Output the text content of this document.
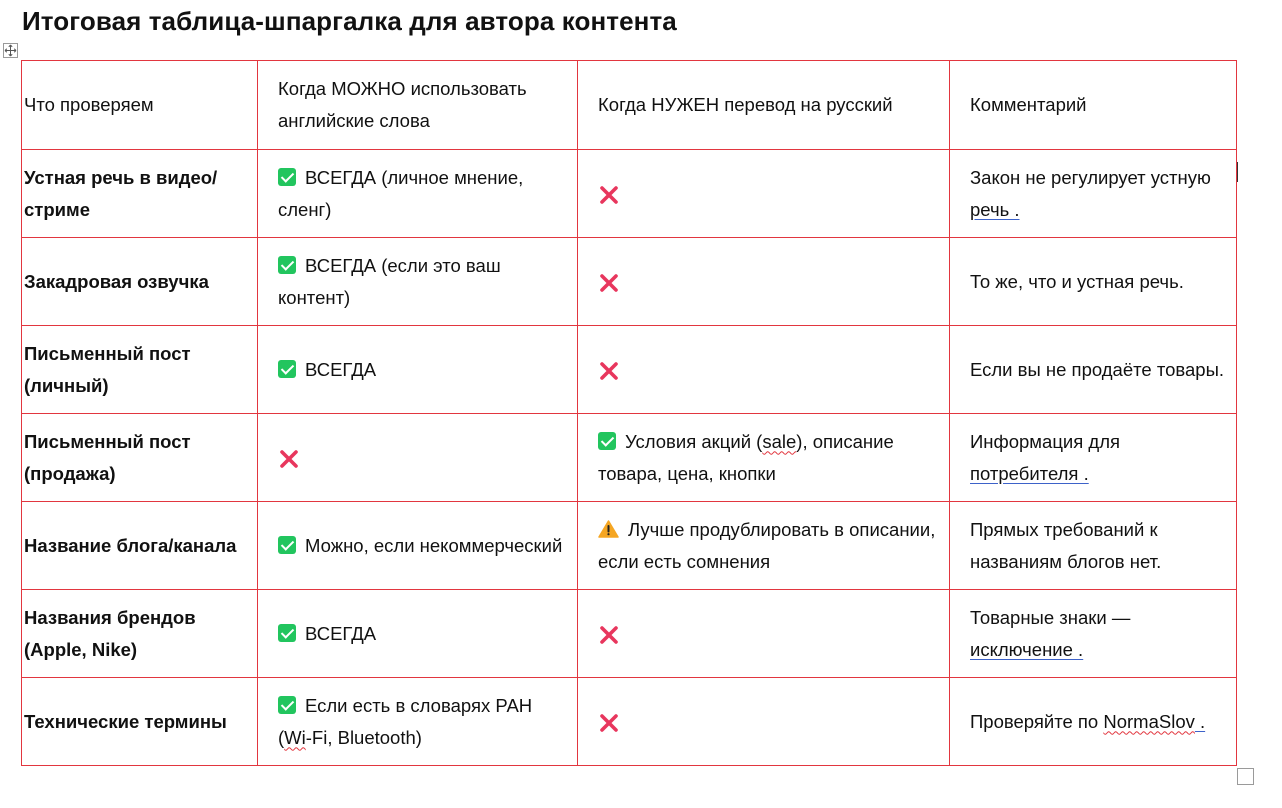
Итоговая таблица-шпаргалка для автора контента
Что проверяем	Когда МОЖНО использовать английские слова	Когда НУЖЕН перевод на русский	Комментарий
Устная речь в видео/стриме	ВСЕГДА (личное мнение, сленг)		Закон не регулирует устную речь .
Закадровая озвучка	ВСЕГДА (если это ваш контент)		То же, что и устная речь.
Письменный пост (личный)	ВСЕГДА		Если вы не продаёте товары.
Письменный пост (продажа)		Условия акций (sale), описание товара, цена, кнопки	Информация для потребителя .
Название блога/канала	Можно, если некоммерческий	Лучше продублировать в описании, если есть сомнения	Прямых требований к названиям блогов нет.
Названия брендов (Apple, Nike)	ВСЕГДА		Товарные знаки — исключение .
Технические термины	Если есть в словарях РАН (Wi-Fi, Bluetooth)		Проверяйте по NormaSlov .
